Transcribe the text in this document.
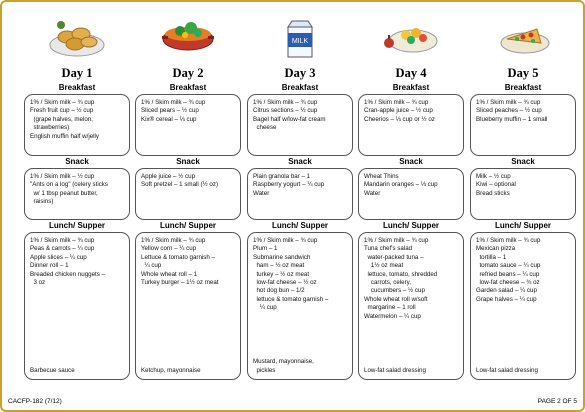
Day 1
Breakfast
1% / Skim milk – ¾ cup
Fresh fruit cup – ½ cup
(grape halves, melon,
strawberries)
English muffin half w/jelly
Snack
1% / Skim milk – ½ cup
"Ants on a log" (celery sticks
w/ 1 tbsp peanut butter,
raisins)
Lunch/ Supper
1% / Skim milk – ¾ cup
Peas & carrots – ¼ cup
Apple slices – ¼ cup
Dinner roll – 1
Breaded chicken nuggets –
3 oz
Barbecue sauce
Day 2
Breakfast
1% / Skim milk – ¾ cup
Sliced pears – ½ cup
Kix® cereal – ⅓ cup
Snack
Apple juice – ½ cup
Soft pretzel – 1 small (½ oz)
Lunch/ Supper
1% / Skim milk – ¾ cup
Yellow corn – ¼ cup
Lettuce & tomato garnish –
¼ cup
Whole wheat roll – 1
Turkey burger – 1½ oz meat
Ketchup, mayonnaise
MILK
Day 3
Breakfast
1% / Skim milk – ¾ cup
Citrus sections – ½ cup
Bagel half w/low-fat cream
cheese
Snack
Plain granola bar – 1
Raspberry yogurt – ¼ cup
Water
Lunch/ Supper
1% / Skim milk – ¾ cup
Plum – 1
Submarine sandwich
ham – ½ oz meat
turkey – ½ oz meat
low-fat cheese – ½ oz
hot dog bun – 1/2
lettuce & tomato garnish –
¼ cup
Mustard, mayonnaise,
pickles
Day 4
Breakfast
1% / Skim milk – ¾ cup
Cran-apple juice – ½ cup
Cheerios – ⅓ cup or ½ oz
Snack
Wheat Thins
Mandarin oranges – ⅓ cup
Water
Lunch/ Supper
1% / Skim milk – ¾ cup
Tuna chef's salad
water-packed tuna –
1½ oz meat
lettuce, tomato, shredded
carrots, celery,
cucumbers – ½ cup
Whole wheat roll w/soft
margarine – 1 roll
Watermelon – ¼ cup
Low-fat salad dressing
Day 5
Breakfast
1% / Skim milk – ¾ cup
Sliced peaches – ½ cup
Blueberry muffin – 1 small
Snack
Milk – ½ cup
Kiwi – optional
Bread sticks
Lunch/ Supper
1% / Skim milk – ¾ cup
Mexican pizza
tortilla – 1
tomato sauce – ¼ cup
refried beans – ¼ cup
low-fat cheese – ¾ oz
Garden salad – ¼ cup
Grape halves – ¼ cup
Low-fat salad dressing
CACFP-182 (7/12)	PAGE 2 OF 5
